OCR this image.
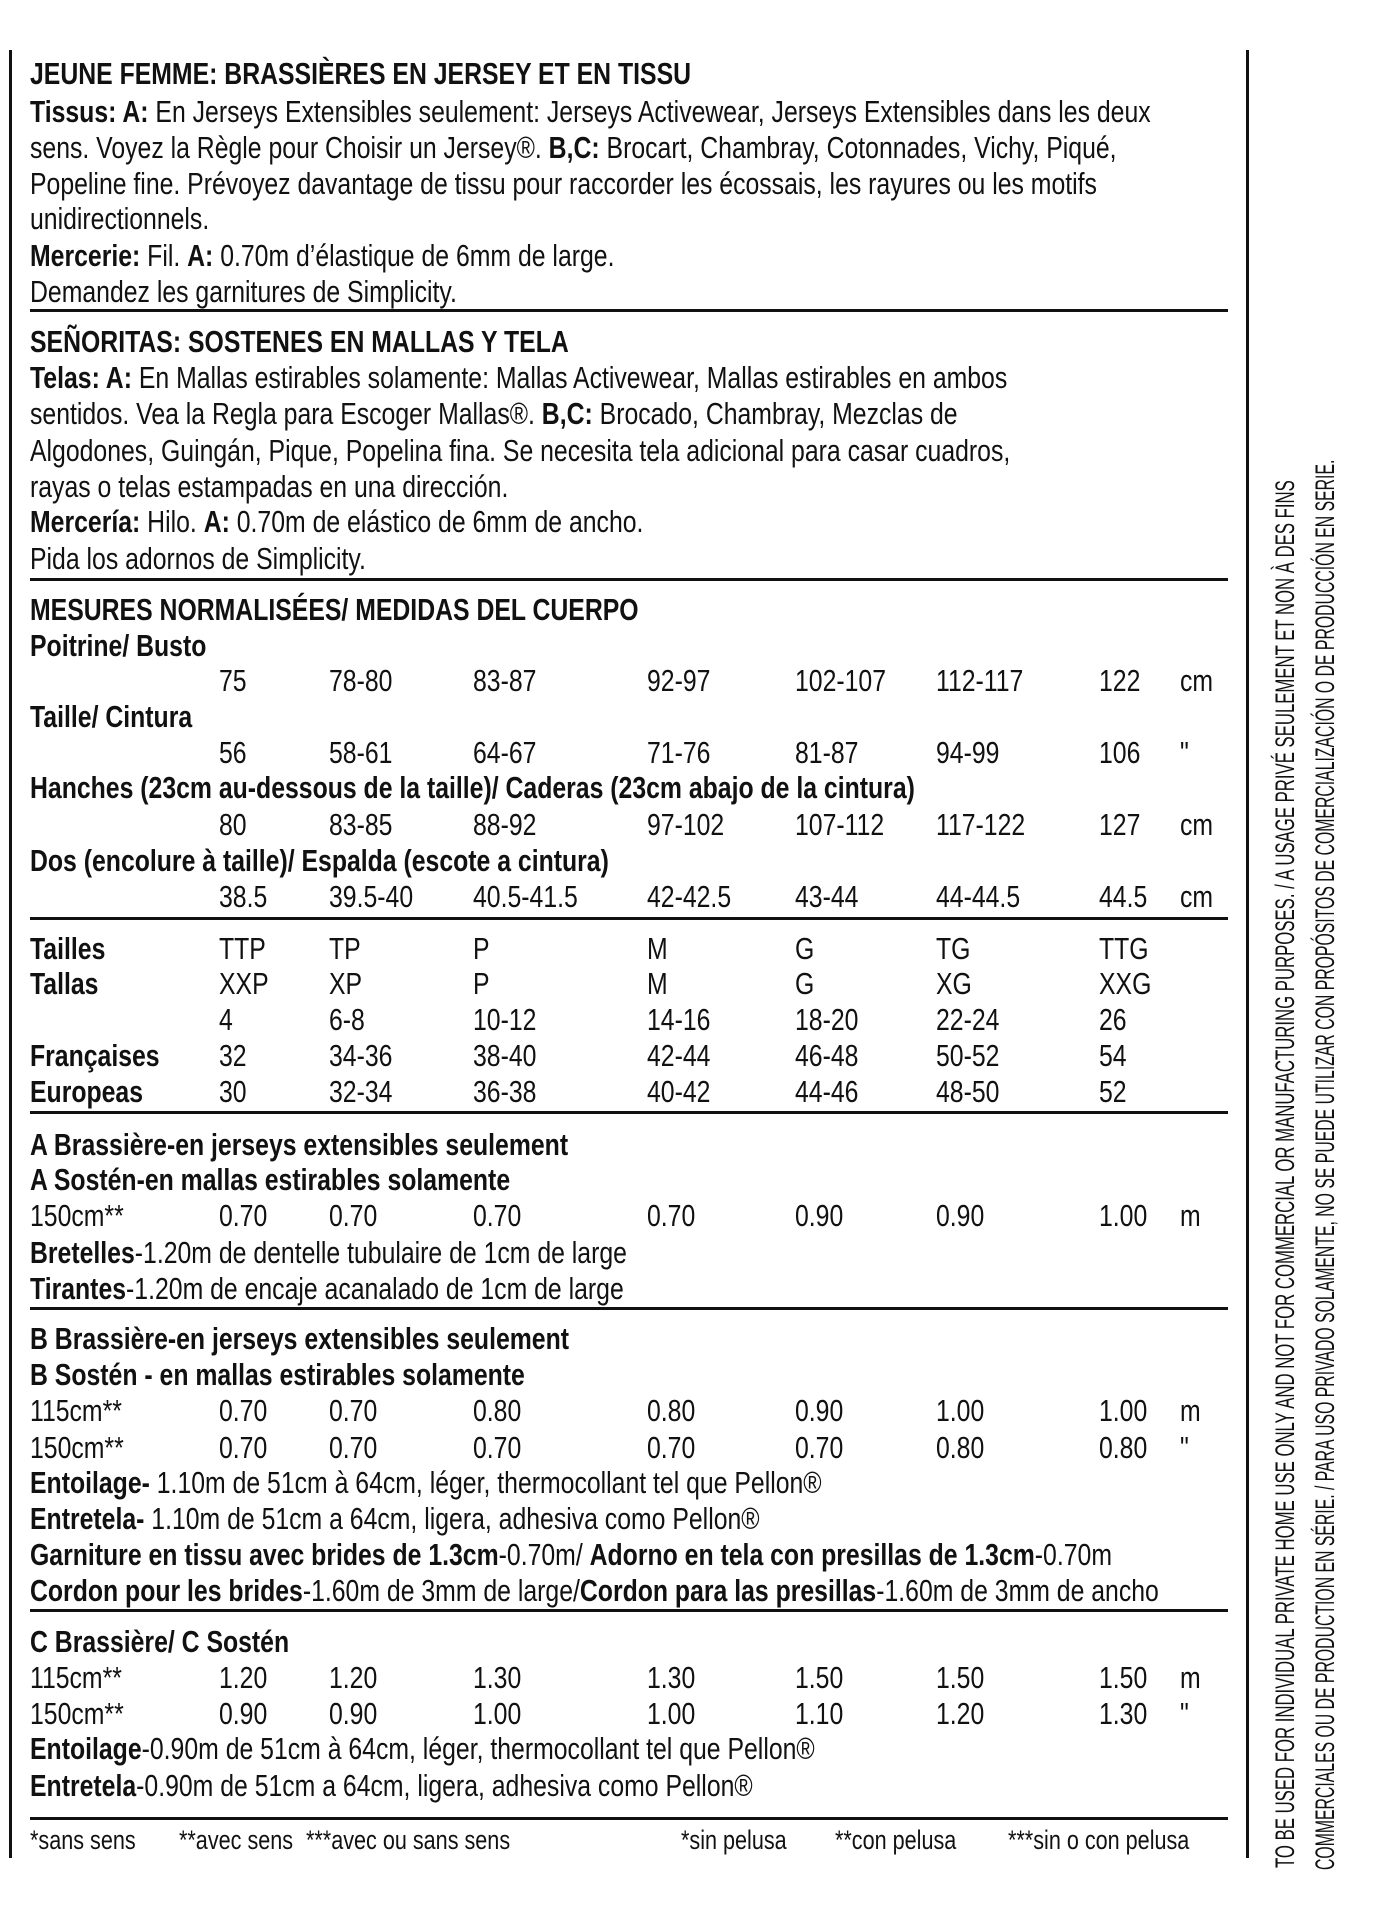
JEUNE FEMME: BRASSIÈRES EN JERSEY ET EN TISSU
Tissus: A: En Jerseys Extensibles seulement: Jerseys Activewear, Jerseys Extensibles dans les deux
sens. Voyez la Règle pour Choisir un Jersey®. B,C: Brocart, Chambray, Cotonnades, Vichy, Piqué,
Popeline fine. Prévoyez davantage de tissu pour raccorder les écossais, les rayures ou les motifs
unidirectionnels.
Mercerie: Fil. A: 0.70m d’élastique de 6mm de large.
Demandez les garnitures de Simplicity.
SEÑORITAS: SOSTENES EN MALLAS Y TELA
Telas: A: En Mallas estirables solamente: Mallas Activewear, Mallas estirables en ambos
sentidos. Vea la Regla para Escoger Mallas®. B,C: Brocado, Chambray, Mezclas de
Algodones, Guingán, Pique, Popelina fina. Se necesita tela adicional para casar cuadros,
rayas o telas estampadas en una dirección.
Mercería: Hilo. A: 0.70m de elástico de 6mm de ancho.
Pida los adornos de Simplicity.
MESURES NORMALISÉES/ MEDIDAS DEL CUERPO
Poitrine/ Busto
75	78-80	83-87	92-97	102-107 112-117 122 cm
Taille/ Cintura
56	58-61	64-67	71-76	81-87	94-99	106 "
Hanches (23cm au-dessous de la taille)/ Caderas (23cm abajo de la cintura)
80	83-85	88-92	97-102 107-112 117-122 127 cm
Dos (encolure à taille)/ Espalda (escote a cintura)
38.5 39.5-40 40.5-41.5 42-42.5 43-44	44-44.5	44.5 cm
Tailles	TTP TP	P	M	G	TG	TTG
Tallas	XXP XP	P	M	G	XG	XXG
4	6-8	10-12	14-16	18-20	22-24	26
Françaises 32	34-36	38-40	42-44	46-48	50-52	54
Europeas 30	32-34	36-38	40-42	44-46	48-50	52
A Brassière-en jerseys extensibles seulement
A Sostén-en mallas estirables solamente
150cm**	0.70 0.70	0.70	0.70	0.90	0.90	1.00 m
Bretelles-1.20m de dentelle tubulaire de 1cm de large
Tirantes-1.20m de encaje acanalado de 1cm de large
B Brassière-en jerseys extensibles seulement
B Sostén - en mallas estirables solamente
115cm**	0.70 0.70	0.80	0.80	0.90	1.00	1.00 m
150cm**	0.70 0.70	0.70	0.70	0.70	0.80	0.80 "
Entoilage- 1.10m de 51cm à 64cm, léger, thermocollant tel que Pellon®
Entretela- 1.10m de 51cm a 64cm, ligera, adhesiva como Pellon®
Garniture en tissu avec brides de 1.3cm-0.70m/ Adorno en tela con presillas de 1.3cm-0.70m
Cordon pour les brides-1.60m de 3mm de large/Cordon para las presillas-1.60m de 3mm de ancho
C Brassière/ C Sostén
115cm**	1.20 1.20	1.30	1.30	1.50	1.50	1.50 m
150cm**	0.90 0.90	1.00	1.00	1.10	1.20	1.30 "
Entoilage-0.90m de 51cm à 64cm, léger, thermocollant tel que Pellon®
Entretela-0.90m de 51cm a 64cm, ligera, adhesiva como Pellon®
*sans sens **avec sens ***avec ou sans sens	*sin pelusa **con pelusa ***sin o con pelusa	TO BE USED FOR INDIVIDUAL PRIVATE HOME USE ONLY AND NOT FOR COMMERCIAL OR MANUFACTURING PURPOSES. / A USAGE PRIVÉ SEULEMENT ET NON À DES FINS COMMERCIALES OU DE PRODUCTION EN SÉRIE. / PARA USO PRIVADO SOLAMENTE, NO SE PUEDE UTILIZAR CON PROPÓSITOS DE COMERCIALIZACIÓN O DE PRODUCCIÓN EN SERIE.
